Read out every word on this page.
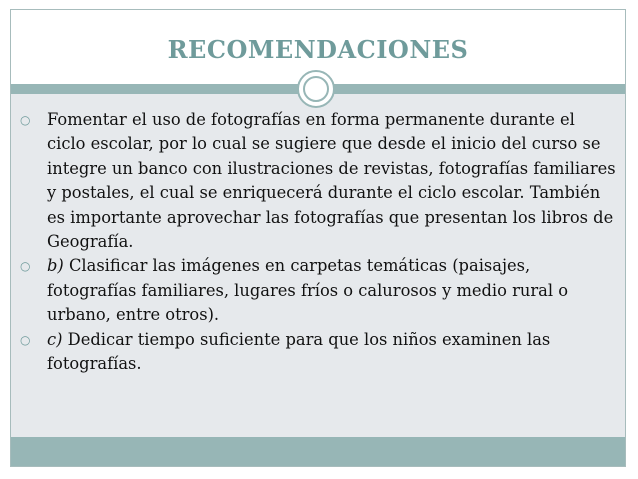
RECOMENDACIONES
○	Fomentar el uso de fotografías en forma permanente durante el ciclo escolar, por lo cual se sugiere que desde el inicio del curso se integre un banco con ilustraciones de revistas, fotografías familiares y postales, el cual se enriquecerá durante el ciclo escolar. También es importante aprovechar las fotografías que presentan los libros de Geografía.
○	b) Clasificar las imágenes en carpetas temáticas (paisajes, fotografías familiares, lugares fríos o calurosos y medio rural o urbano, entre otros).
○	c) Dedicar tiempo suficiente para que los niños examinen las fotografías.
